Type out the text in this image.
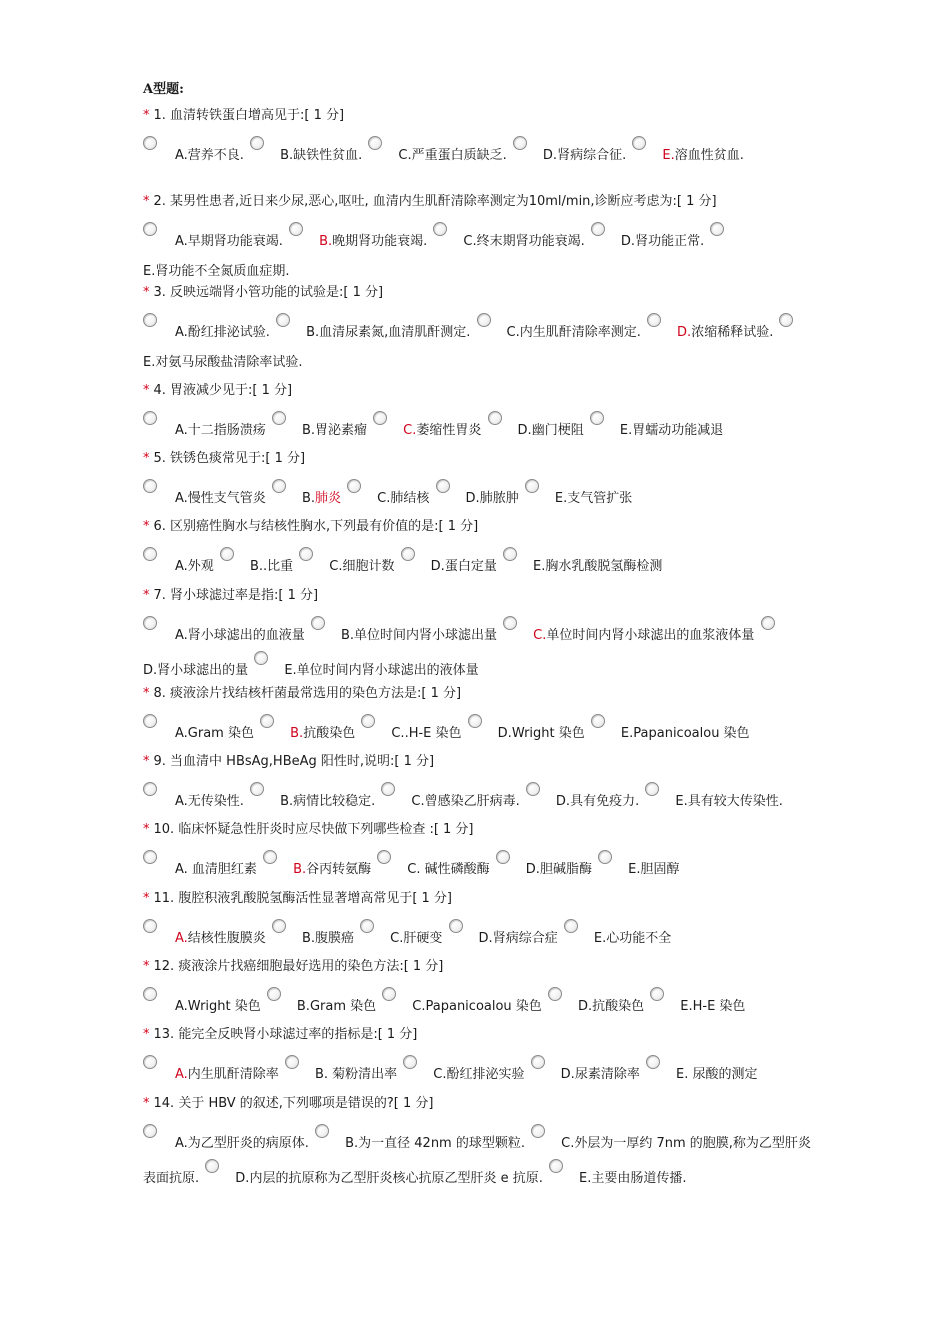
A型题:
* 1. 血清转铁蛋白增高见于:[ 1 分]
A.营养不良.	B.缺铁性贫血.	C.严重蛋白质缺乏.	D.肾病综合征.	E.溶血性贫血.
* 2. 某男性患者,近日来少尿,恶心,呕吐, 血清内生肌酐清除率测定为10ml/min,诊断应考虑为:[ 1 分]
A.早期肾功能衰竭.	B.晚期肾功能衰竭.	C.终末期肾功能衰竭.	D.肾功能正常. E.肾功能不全氮质血症期.
* 3. 反映远端肾小管功能的试验是:[ 1 分]
A.酚红排泌试验.	B.血清尿素氮,血清肌酐测定.	C.内生肌酐清除率测定.	D.浓缩稀释试验. E.对氨马尿酸盐清除率试验.
* 4. 胃液减少见于:[ 1 分]
A.十二指肠溃疡	B.胃泌素瘤	C.萎缩性胃炎	D.幽门梗阻	E.胃蠕动功能减退
* 5. 铁锈色痰常见于:[ 1 分]
A.慢性支气管炎	B.肺炎	C.肺结核	D.肺脓肿	E.支气管扩张
* 6. 区别癌性胸水与结核性胸水,下列最有价值的是:[ 1 分]
A.外观	B..比重	C.细胞计数	D.蛋白定量	E.胸水乳酸脱氢酶检测
* 7. 肾小球滤过率是指:[ 1 分]
A.肾小球滤出的血液量	B.单位时间内肾小球滤出量	C.单位时间内肾小球滤出的血浆液体量 D.肾小球滤出的量	E.单位时间内肾小球滤出的液体量
* 8. 痰液涂片找结核杆菌最常选用的染色方法是:[ 1 分]
A.Gram 染色	B.抗酸染色	C..H-E 染色	D.Wright 染色	E.Papanicoalou 染色
* 9. 当血清中 HBsAg,HBeAg 阳性时,说明:[ 1 分]
A.无传染性.	B.病情比较稳定.	C.曾感染乙肝病毒.	D.具有免疫力.	E.具有较大传染性.
* 10. 临床怀疑急性肝炎时应尽快做下列哪些检查 :[ 1 分]
A. 血清胆红素	B.谷丙转氨酶	C. 碱性磷酸酶	D.胆碱脂酶	E.胆固醇
* 11. 腹腔积液乳酸脱氢酶活性显著增高常见于[ 1 分]
A.结核性腹膜炎	B.腹膜癌	C.肝硬变	D.肾病综合症	E.心功能不全
* 12. 痰液涂片找癌细胞最好选用的染色方法:[ 1 分]
A.Wright 染色	B.Gram 染色	C.Papanicoalou 染色	D.抗酸染色	E.H-E 染色
* 13. 能完全反映肾小球滤过率的指标是:[ 1 分]
A.内生肌酐清除率	B. 菊粉清出率	C.酚红排泌实验	D.尿素清除率	E. 尿酸的测定
* 14. 关于 HBV 的叙述,下列哪项是错误的?[ 1 分]
A.为乙型肝炎的病原体.	B.为一直径 42nm 的球型颗粒.	C.外层为一厚约 7nm 的胞膜,称为乙型肝炎表面抗原.	D.内层的抗原称为乙型肝炎核心抗原乙型肝炎 e 抗原.	E.主要由肠道传播.
